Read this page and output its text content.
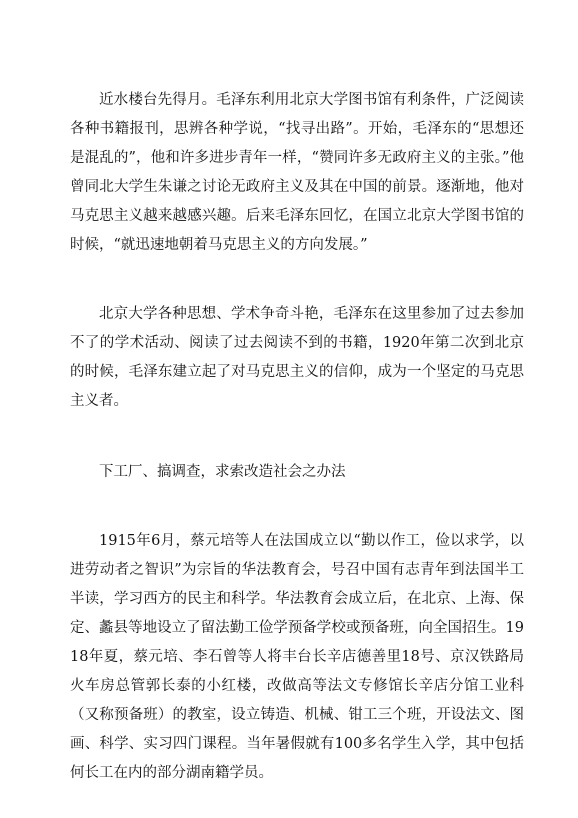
近水楼台先得月。毛泽东利用北京大学图书馆有利条件，广泛阅读各种书籍报刊，思辨各种学说，“找寻出路”。开始，毛泽东的“思想还是混乱的”，他和许多进步青年一样，“赞同许多无政府主义的主张。”他曾同北大学生朱谦之讨论无政府主义及其在中国的前景。逐渐地，他对马克思主义越来越感兴趣。后来毛泽东回忆，在国立北京大学图书馆的时候，“就迅速地朝着马克思主义的方向发展。”

北京大学各种思想、学术争奇斗艳，毛泽东在这里参加了过去参加不了的学术活动、阅读了过去阅读不到的书籍，1920年第二次到北京的时候，毛泽东建立起了对马克思主义的信仰，成为一个坚定的马克思主义者。

下工厂、搞调查，求索改造社会之办法

1915年6月，蔡元培等人在法国成立以“勤以作工，俭以求学，以进劳动者之智识”为宗旨的华法教育会，号召中国有志青年到法国半工半读，学习西方的民主和科学。华法教育会成立后，在北京、上海、保定、蠡县等地设立了留法勤工俭学预备学校或预备班，向全国招生。1918年夏，蔡元培、李石曾等人将丰台长辛店德善里18号、京汉铁路局火车房总管郭长泰的小红楼，改做高等法文专修馆长辛店分馆工业科（又称预备班）的教室，设立铸造、机械、钳工三个班，开设法文、图画、科学、实习四门课程。当年暑假就有100多名学生入学，其中包括何长工在内的部分湖南籍学员。
